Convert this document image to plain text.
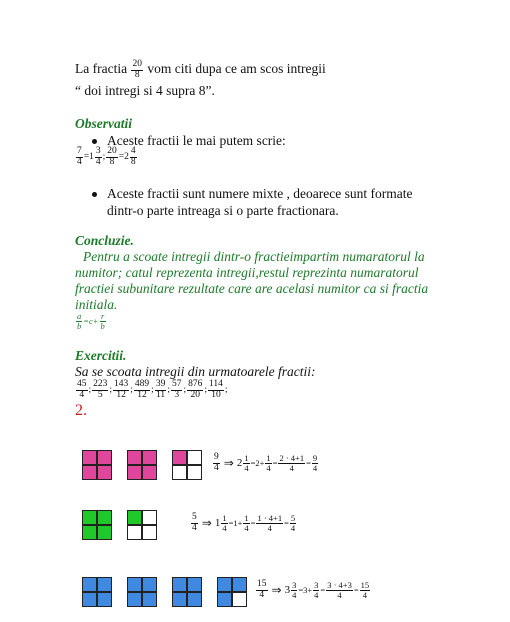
La fractia $\frac{20}{8}$ vom citi dupa ce am scos intregii
“ doi intregi si 4 supra 8”.
Observatii
Aceste fractii le mai putem scrie:
$\frac{7}{4} =1 \frac{3}{4}$ ; $\frac{20}{8} =2 \frac{4}{8}$
Aceste fractii sunt numere mixte , deoarece sunt formate
dintr-o parte intreaga si o parte fractionara.
Concluzie.
Pentru a scoate intregii dintr-o fractieimpartim numaratorul la
numitor; catul reprezenta intregii,restul reprezinta numaratorul
fractiei subunitare rezultate care are acelasi numitor ca si fractia
initiala.
$\frac{a}{b} =c+ \frac{r}{b}$
Exercitii.
Sa se scoata intregii din urmatoarele fractii:
$\frac{45}{4}$ ; $\frac{223}{5}$ ; $\frac{143}{12}$ ; $\frac{489}{12}$ ; $\frac{39}{11}$ ; $\frac{57}{3}$ ; $\frac{876}{20}$ ; $\frac{114}{10}$ ;
2.
$\frac{9}{4}$ ⇒ $2 \frac{1}{4} =2+ \frac{1}{4} = \frac{2 \cdot 4+1}{4} = \frac{9}{4}$
$\frac{5}{4}$ ⇒ $1 \frac{1}{4} =1+ \frac{1}{4} = \frac{1 \cdot 4+1}{4} = \frac{5}{4}$
$\frac{15}{4}$ ⇒ $3 \frac{3}{4} =3+ \frac{3}{4} = \frac{3 \cdot 4+3}{4} = \frac{15}{4}$
